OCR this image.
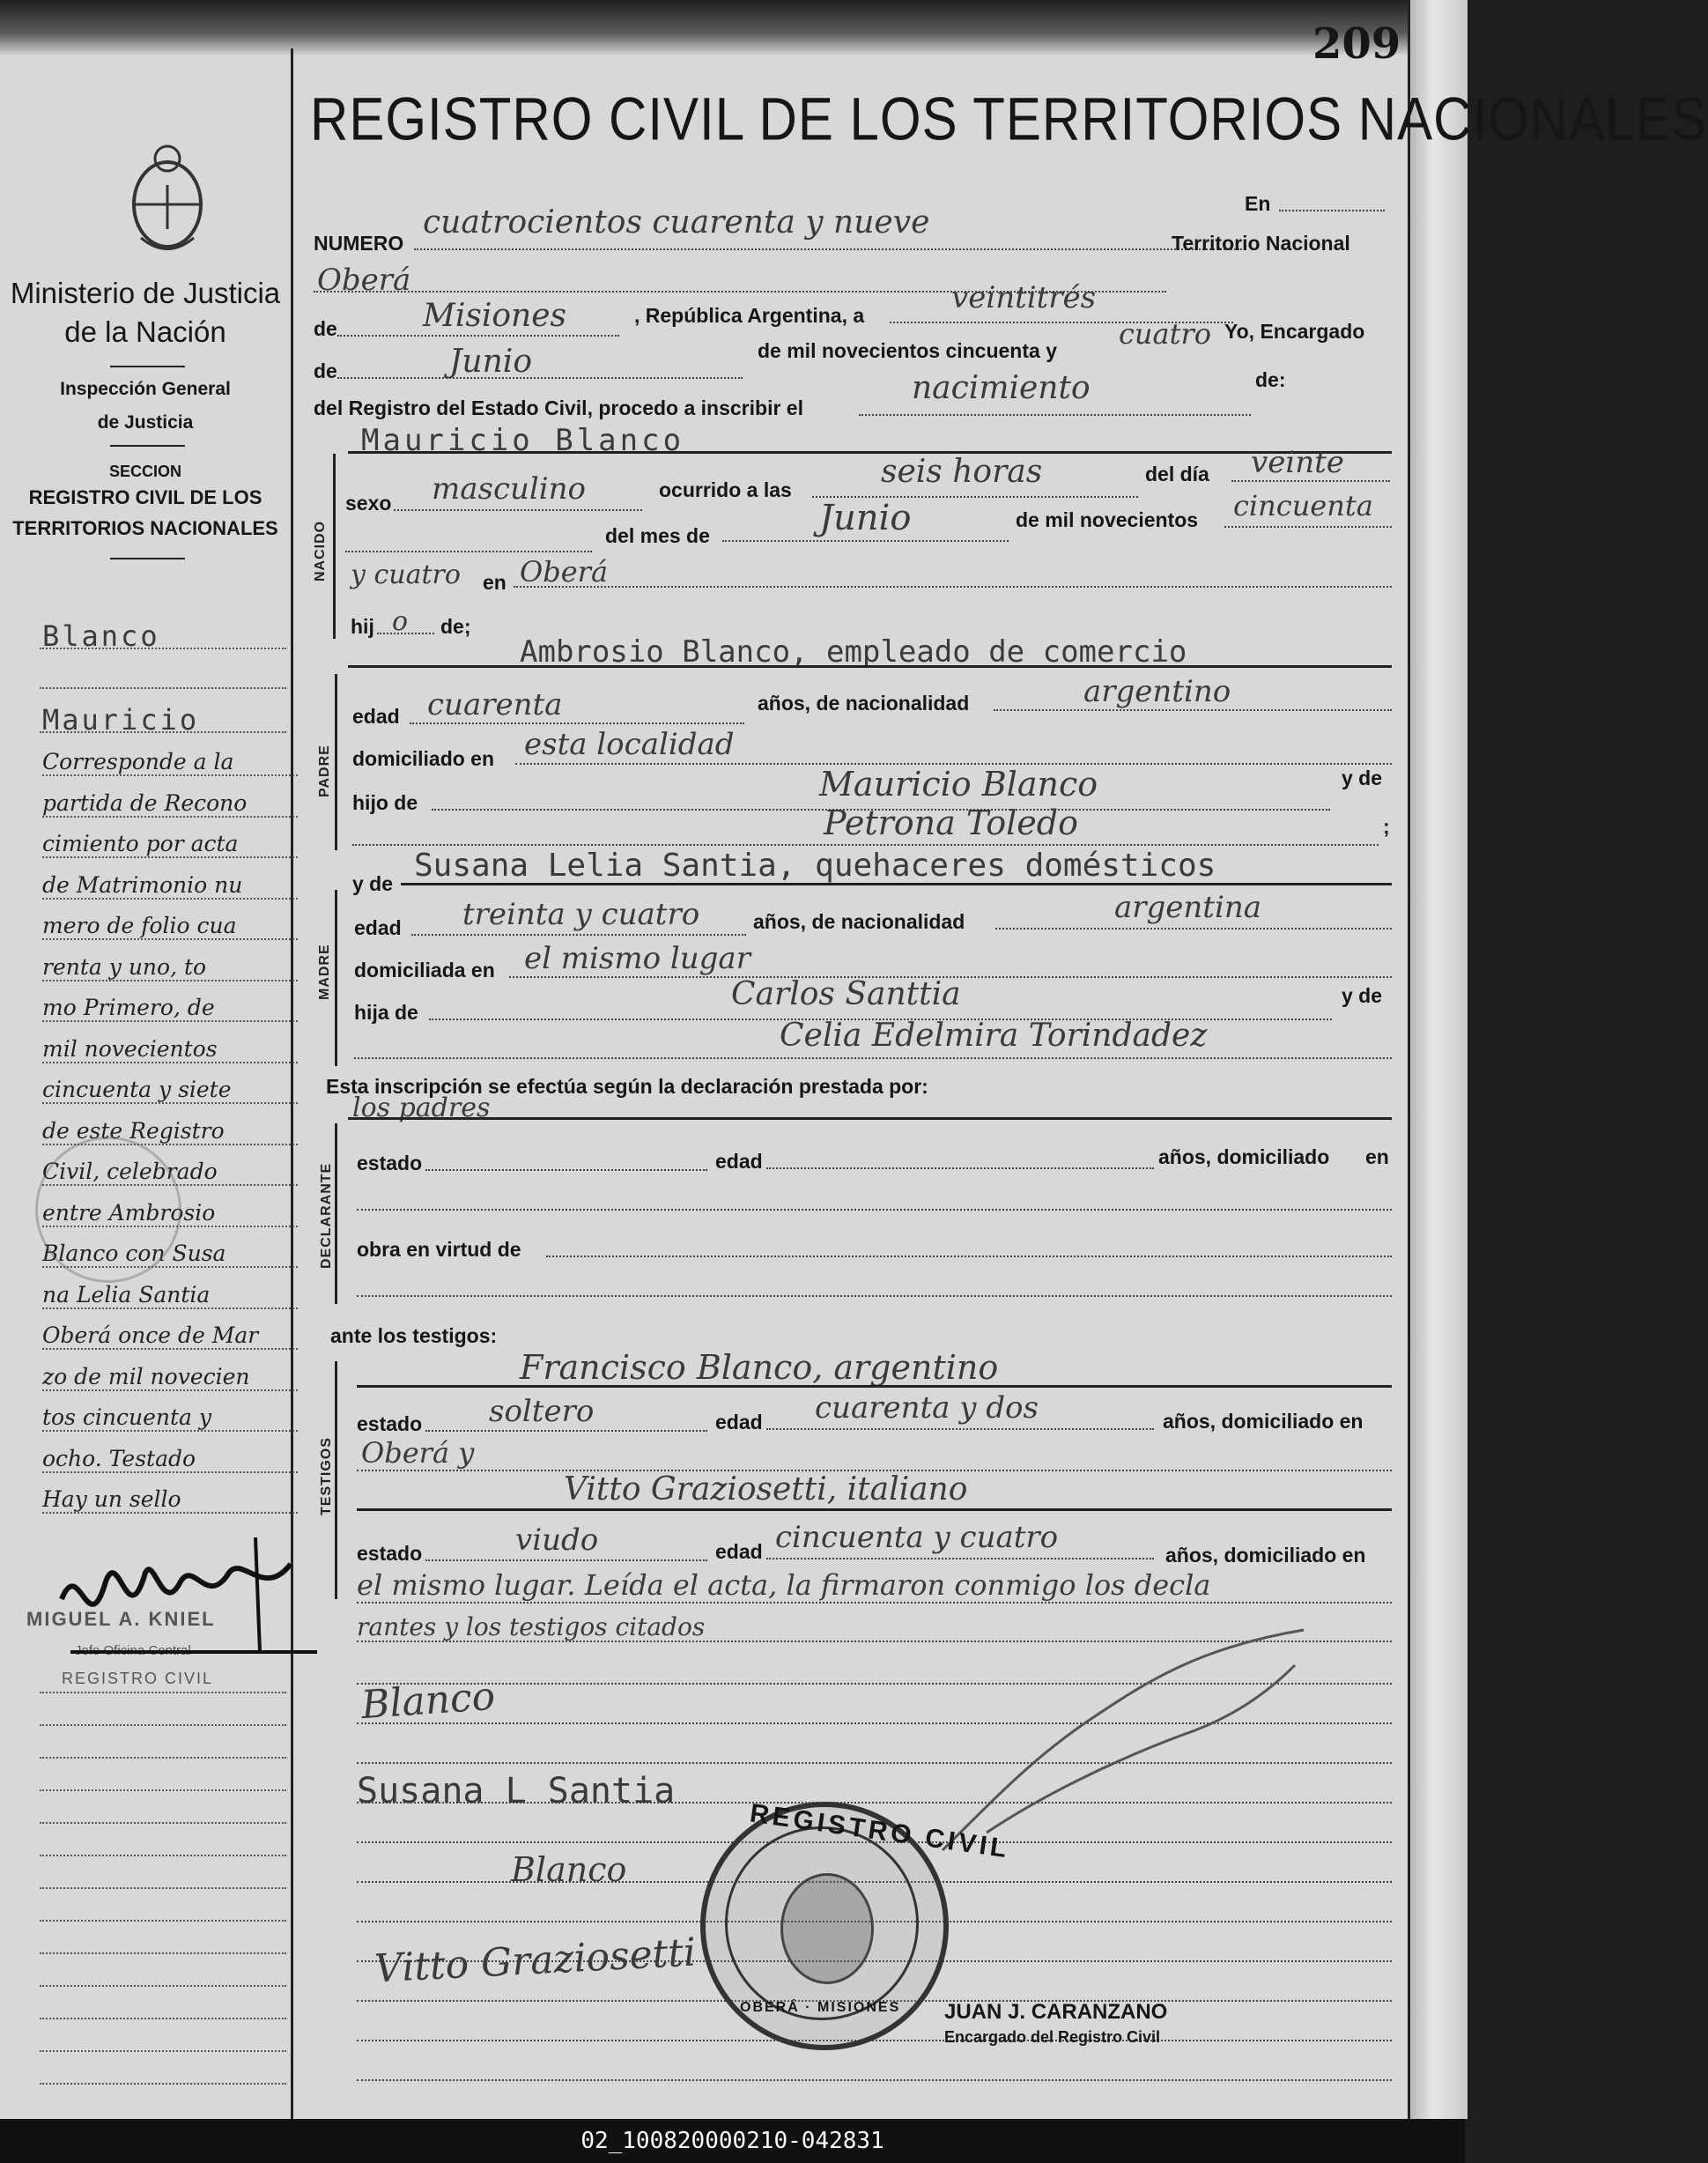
209
Ministerio de Justicia
de la Nación
Inspección General
de Justicia
SECCION
REGISTRO CIVIL DE LOS
TERRITORIOS NACIONALES
Blanco
Mauricio
Corresponde a la
partida de Recono
cimiento por acta
de Matrimonio nu
mero de folio cua
renta y uno, to
mo Primero, de
mil novecientos
cincuenta y siete
de este Registro
Civil, celebrado
entre Ambrosio
Blanco con Susa
na Lelia Santia
Oberá once de Mar
zo de mil novecien
tos cincuenta y
ocho. Testado
Hay un sello
MIGUEL A. KNIEL
Jefe Oficina Central
REGISTRO CIVIL
REGISTRO CIVIL DE LOS TERRITORIOS NACIONALES
En
NUMERO
cuatrocientos cuarenta y nueve
Oberá
Territorio Nacional
de	Misiones	, República Argentina, a	veintitrés
de	Junio	de mil novecientos cincuenta y cuatro Yo, Encargado
del Registro del Estado Civil, procedo a inscribir el
nacimiento	de:
Mauricio Blanco
NACIDO
sexo masculino	ocurrido a las	seis horas	del día veinte
del mes de	Junio	de mil novecientos cincuenta
y cuatro en Oberá
hij o de;
Ambrosio Blanco, empleado de comercio
PADRE
edad cuarenta	años, de nacionalidad	argentino
domiciliado en esta localidad
hijo de	Mauricio Blanco	y de
Petrona Toledo	;
y de Susana Lelia Santia, quehaceres domésticos
MADRE
edad treinta y cuatro	años, de nacionalidad	argentina
domiciliada en el mismo lugar
hija de	Carlos Santtia	y de
Celia Edelmira Torindadez
Esta inscripción se efectúa según la declaración prestada por:
los padres
DECLARANTE estado	edad	años, domiciliado en
obra en virtud de
ante los testigos:
Francisco Blanco, argentino
TESTIGOS
estado soltero	edad cuarenta y dos	años, domiciliado en
Oberá y
Vitto Graziosetti, italiano
estado	viudo	edad cincuenta y cuatro	años, domiciliado en
el mismo lugar. Leída el acta, la firmaron conmigo los decla
rantes y los testigos citados
Blanco
Susana L Santia
Blanco
Vitto Graziosetti
REGISTRO CIVIL
OBERÁ · MISIONES JUAN J. CARANZANO
Encargado del Registro Civil
02_100820000210-042831
